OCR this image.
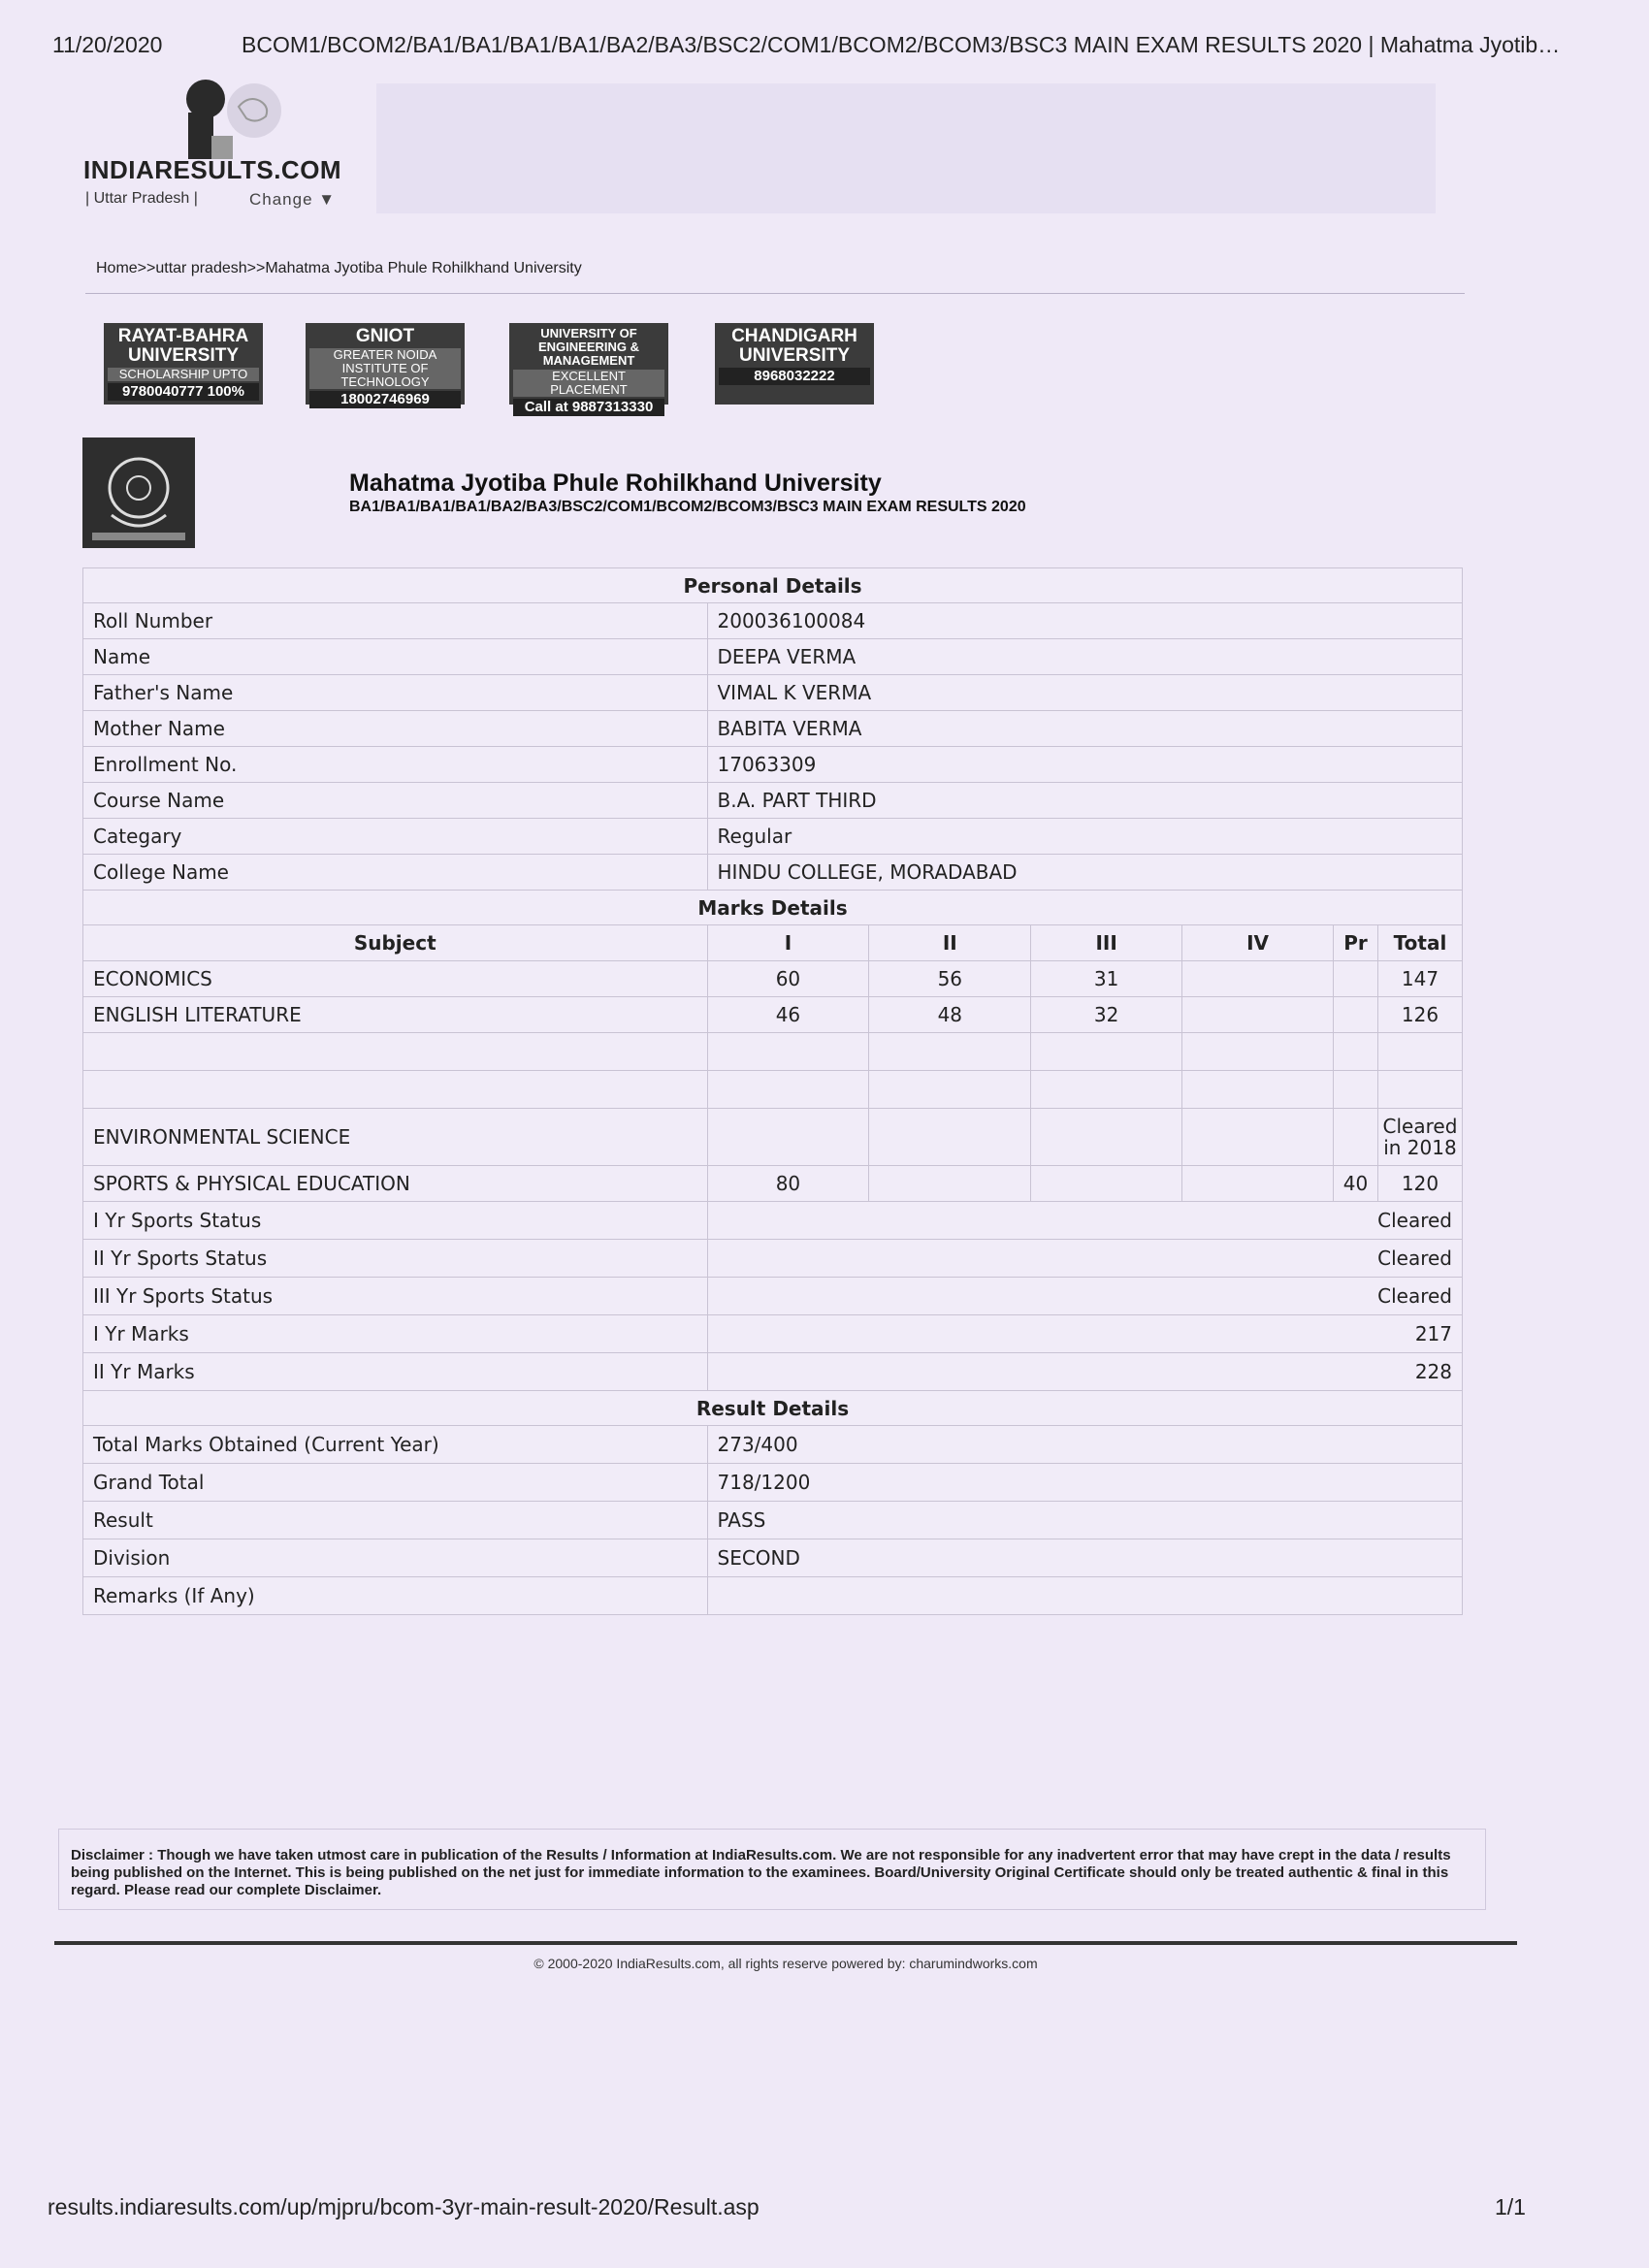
11/20/2020	BCOM1/BCOM2/BA1/BA1/BA1/BA1/BA2/BA3/BSC2/COM1/BCOM2/BCOM3/BSC3 MAIN EXAM RESULTS 2020 | Mahatma Jyotib…
INDIARESULTS.COM
| Uttar Pradesh |	Change ▼
Home>>uttar pradesh>>Mahatma Jyotiba Phule Rohilkhand University
RAYAT-BAHRA UNIVERSITY
SCHOLARSHIP UPTO
9780040777 100%
GNIOT
GREATER NOIDA INSTITUTE OF TECHNOLOGY
18002746969
UNIVERSITY OF ENGINEERING & MANAGEMENT
EXCELLENT PLACEMENT
Call at 9887313330
CHANDIGARH UNIVERSITY
8968032222
Mahatma Jyotiba Phule Rohilkhand University
BA1/BA1/BA1/BA1/BA2/BA3/BSC2/COM1/BCOM2/BCOM3/BSC3 MAIN EXAM RESULTS 2020
Personal Details						
Roll Number	200036100084					
Name	DEEPA VERMA					
Father's Name	VIMAL K VERMA					
Mother Name	BABITA VERMA					
Enrollment No.	17063309					
Course Name	B.A. PART THIRD					
Categary	Regular					
College Name	HINDU COLLEGE, MORADABAD					
Marks Details						
Subject	I	II	III	IV	Pr	Total
ECONOMICS	60	56	31			147
ENGLISH LITERATURE	46	48	32			126

ENVIRONMENTAL SCIENCE						Cleared in 2018
SPORTS & PHYSICAL EDUCATION	80				40	120
I Yr Sports Status	Cleared					
II Yr Sports Status	Cleared					
III Yr Sports Status	Cleared					
I Yr Marks	217					
II Yr Marks	228					
Result Details						
Total Marks Obtained (Current Year)	273/400					
Grand Total	718/1200					
Result	PASS					
Division	SECOND					
Remarks (If Any)						
Disclaimer : Though we have taken utmost care in publication of the Results / Information at IndiaResults.com. We are not responsible for any inadvertent error that may have crept in the data / results being published on the Internet. This is being published on the net just for immediate information to the examinees. Board/University Original Certificate should only be treated authentic & final in this regard. Please read our complete Disclaimer.
© 2000-2020 IndiaResults.com, all rights reserve powered by: charumindworks.com
results.indiaresults.com/up/mjpru/bcom-3yr-main-result-2020/Result.asp	1/1
